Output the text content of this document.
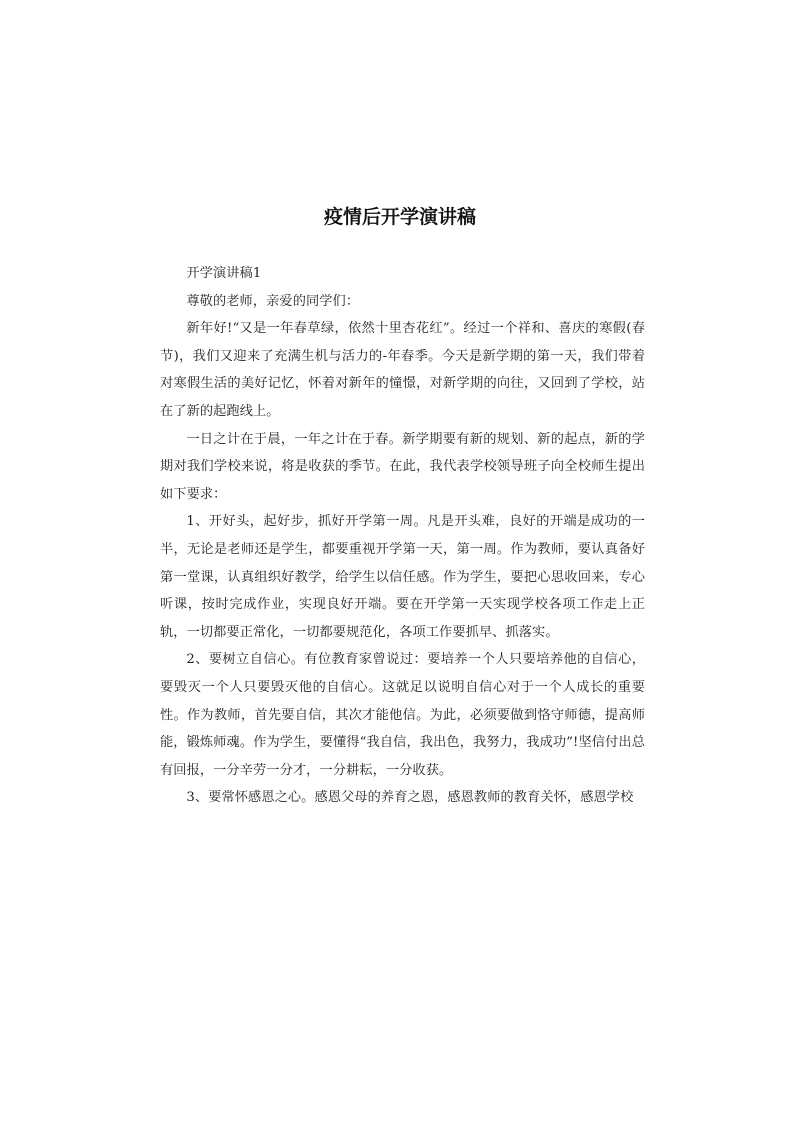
疫情后开学演讲稿

开学演讲稿1

尊敬的老师，亲爱的同学们：

新年好!“又是一年春草绿，依然十里杏花红”。经过一个祥和、喜庆的寒假(春节)，我们又迎来了充满生机与活力的-年春季。今天是新学期的第一天，我们带着对寒假生活的美好记忆，怀着对新年的憧憬，对新学期的向往，又回到了学校，站在了新的起跑线上。

一日之计在于晨，一年之计在于春。新学期要有新的规划、新的起点，新的学期对我们学校来说，将是收获的季节。在此，我代表学校领导班子向全校师生提出如下要求：

1、开好头，起好步，抓好开学第一周。凡是开头难，良好的开端是成功的一半，无论是老师还是学生，都要重视开学第一天，第一周。作为教师，要认真备好第一堂课，认真组织好教学，给学生以信任感。作为学生，要把心思收回来，专心听课，按时完成作业，实现良好开端。要在开学第一天实现学校各项工作走上正轨，一切都要正常化，一切都要规范化，各项工作要抓早、抓落实。

2、要树立自信心。有位教育家曾说过：要培养一个人只要培养他的自信心，要毁灭一个人只要毁灭他的自信心。这就足以说明自信心对于一个人成长的重要性。作为教师，首先要自信，其次才能他信。为此，必须要做到恪守师德，提高师能，锻炼师魂。作为学生，要懂得“我自信，我出色，我努力，我成功”!坚信付出总有回报，一分辛劳一分才，一分耕耘，一分收获。

3、要常怀感恩之心。感恩父母的养育之恩，感恩教师的教育关怀，感恩学校
